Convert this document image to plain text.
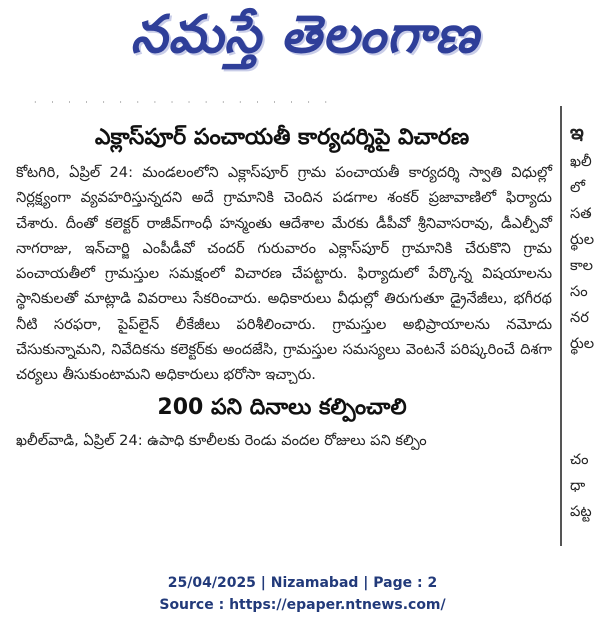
నమస్తే తెలంగాణ
· · · · · · · · · · · · · · · · · ·
ఎక్లాస్‌పూర్ పంచాయతీ కార్యదర్శిపై విచారణ
కోటగిరి, ఏప్రిల్ 24: మండలంలోని ఎక్లాస్‌పూర్ గ్రామ పంచాయతీ కార్యదర్శి స్వాతి విధుల్లో నిర్లక్ష్యంగా వ్యవహరిస్తున్నదని అదే గ్రామానికి చెందిన పడగాల శంకర్ ప్రజావాణిలో ఫిర్యాదు చేశారు. దీంతో కలెక్టర్ రాజీవ్‌గాంధీ హన్మంతు ఆదేశాల మేరకు డీపీవో శ్రీనివాసరావు, డీఎల్పీవో నాగరాజు, ఇన్‌చార్జి ఎంపీడీవో చందర్ గురువారం ఎక్లాస్‌పూర్ గ్రామానికి చేరుకొని గ్రామ పంచాయతీలో గ్రామస్తుల సమక్షంలో విచారణ చేపట్టారు. ఫిర్యాదులో పేర్కొన్న విషయాలను స్థానికులతో మాట్లాడి వివరాలు సేకరించారు. అధికారులు వీధుల్లో తిరుగుతూ డ్రైనేజీలు, భగీరథ నీటి సరఫరా, పైప్‌లైన్ లీకేజీలు పరిశీలించారు. గ్రామస్తుల అభిప్రాయాలను నమోదు చేసుకున్నామని, నివేదికను కలెక్టర్‌కు అందజేసి, గ్రామస్తుల సమస్యలు వెంటనే పరిష్కరించే దిశగా చర్యలు తీసుకుంటామని అధికారులు భరోసా ఇచ్చారు.
200 పని దినాలు కల్పించాలి
ఖలీల్‌వాడి, ఏప్రిల్ 24: ఉపాధి కూలీలకు రెండు వందల రోజులు పని కల్పిం
ఇ
ఖలీ
లో
సత
ర్థుల
కాల
సం
నర
ర్థుల
చం
ధా
పట్ట
25/04/2025 | Nizamabad | Page : 2
Source : https://epaper.ntnews.com/
